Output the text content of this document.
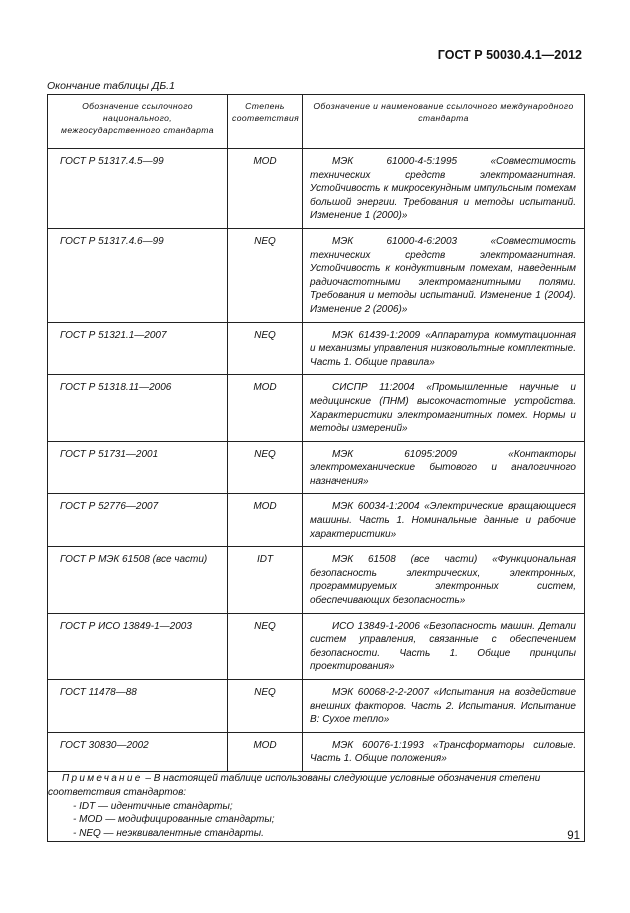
ГОСТ Р 50030.4.1—2012
Окончание таблицы ДБ.1
Обозначение ссылочного национального, межгосударственного стандарта	Степень соответствия	Обозначение и наименование ссылочного международного стандарта
ГОСТ Р 51317.4.5—99	MOD	МЭК 61000-4-5:1995 «Совместимость технических средств электромагнитная. Устойчивость к микросекундным импульсным помехам большой энергии. Требования и методы испытаний. Изменение 1 (2000)»
ГОСТ Р 51317.4.6—99	NEQ	МЭК 61000-4-6:2003 «Совместимость технических средств электромагнитная. Устойчивость к кондуктивным помехам, наведенным радиочастотными электромагнитными полями. Требования и методы испытаний. Изменение 1 (2004). Изменение 2 (2006)»
ГОСТ Р 51321.1—2007	NEQ	МЭК 61439-1:2009 «Аппаратура коммутационная и механизмы управления низковольтные комплектные. Часть 1. Общие правила»
ГОСТ Р 51318.11—2006	MOD	СИСПР 11:2004 «Промышленные научные и медицинские (ПНМ) высокочастотные устройства. Характеристики электромагнитных помех. Нормы и методы измерений»
ГОСТ Р 51731—2001	NEQ	МЭК 61095:2009 «Контакторы электромеханические бытового и аналогичного назначения»
ГОСТ Р 52776—2007	MOD	МЭК 60034-1:2004 «Электрические вращающиеся машины. Часть 1. Номинальные данные и рабочие характеристики»
ГОСТ Р МЭК 61508 (все части)	IDT	МЭК 61508 (все части) «Функциональная безопасность электрических, электронных, программируемых электронных систем, обеспечивающих безопасность»
ГОСТ Р ИСО 13849-1—2003	NEQ	ИСО 13849-1-2006 «Безопасность машин. Детали систем управления, связанные с обеспечением безопасности. Часть 1. Общие принципы проектирования»
ГОСТ 11478—88	NEQ	МЭК 60068-2-2-2007 «Испытания на воздействие внешних факторов. Часть 2. Испытания. Испытание В: Сухое тепло»
ГОСТ 30830—2002	MOD	МЭК 60076-1:1993 «Трансформаторы силовые. Часть 1. Общие положения»

Примечание – В настоящей таблице использованы следующие условные обозначения степени соответствия стандартов:
- IDT — идентичные стандарты;
- MOD — модифицированные стандарты;
- NEQ — неэквивалентные стандарты.			91
